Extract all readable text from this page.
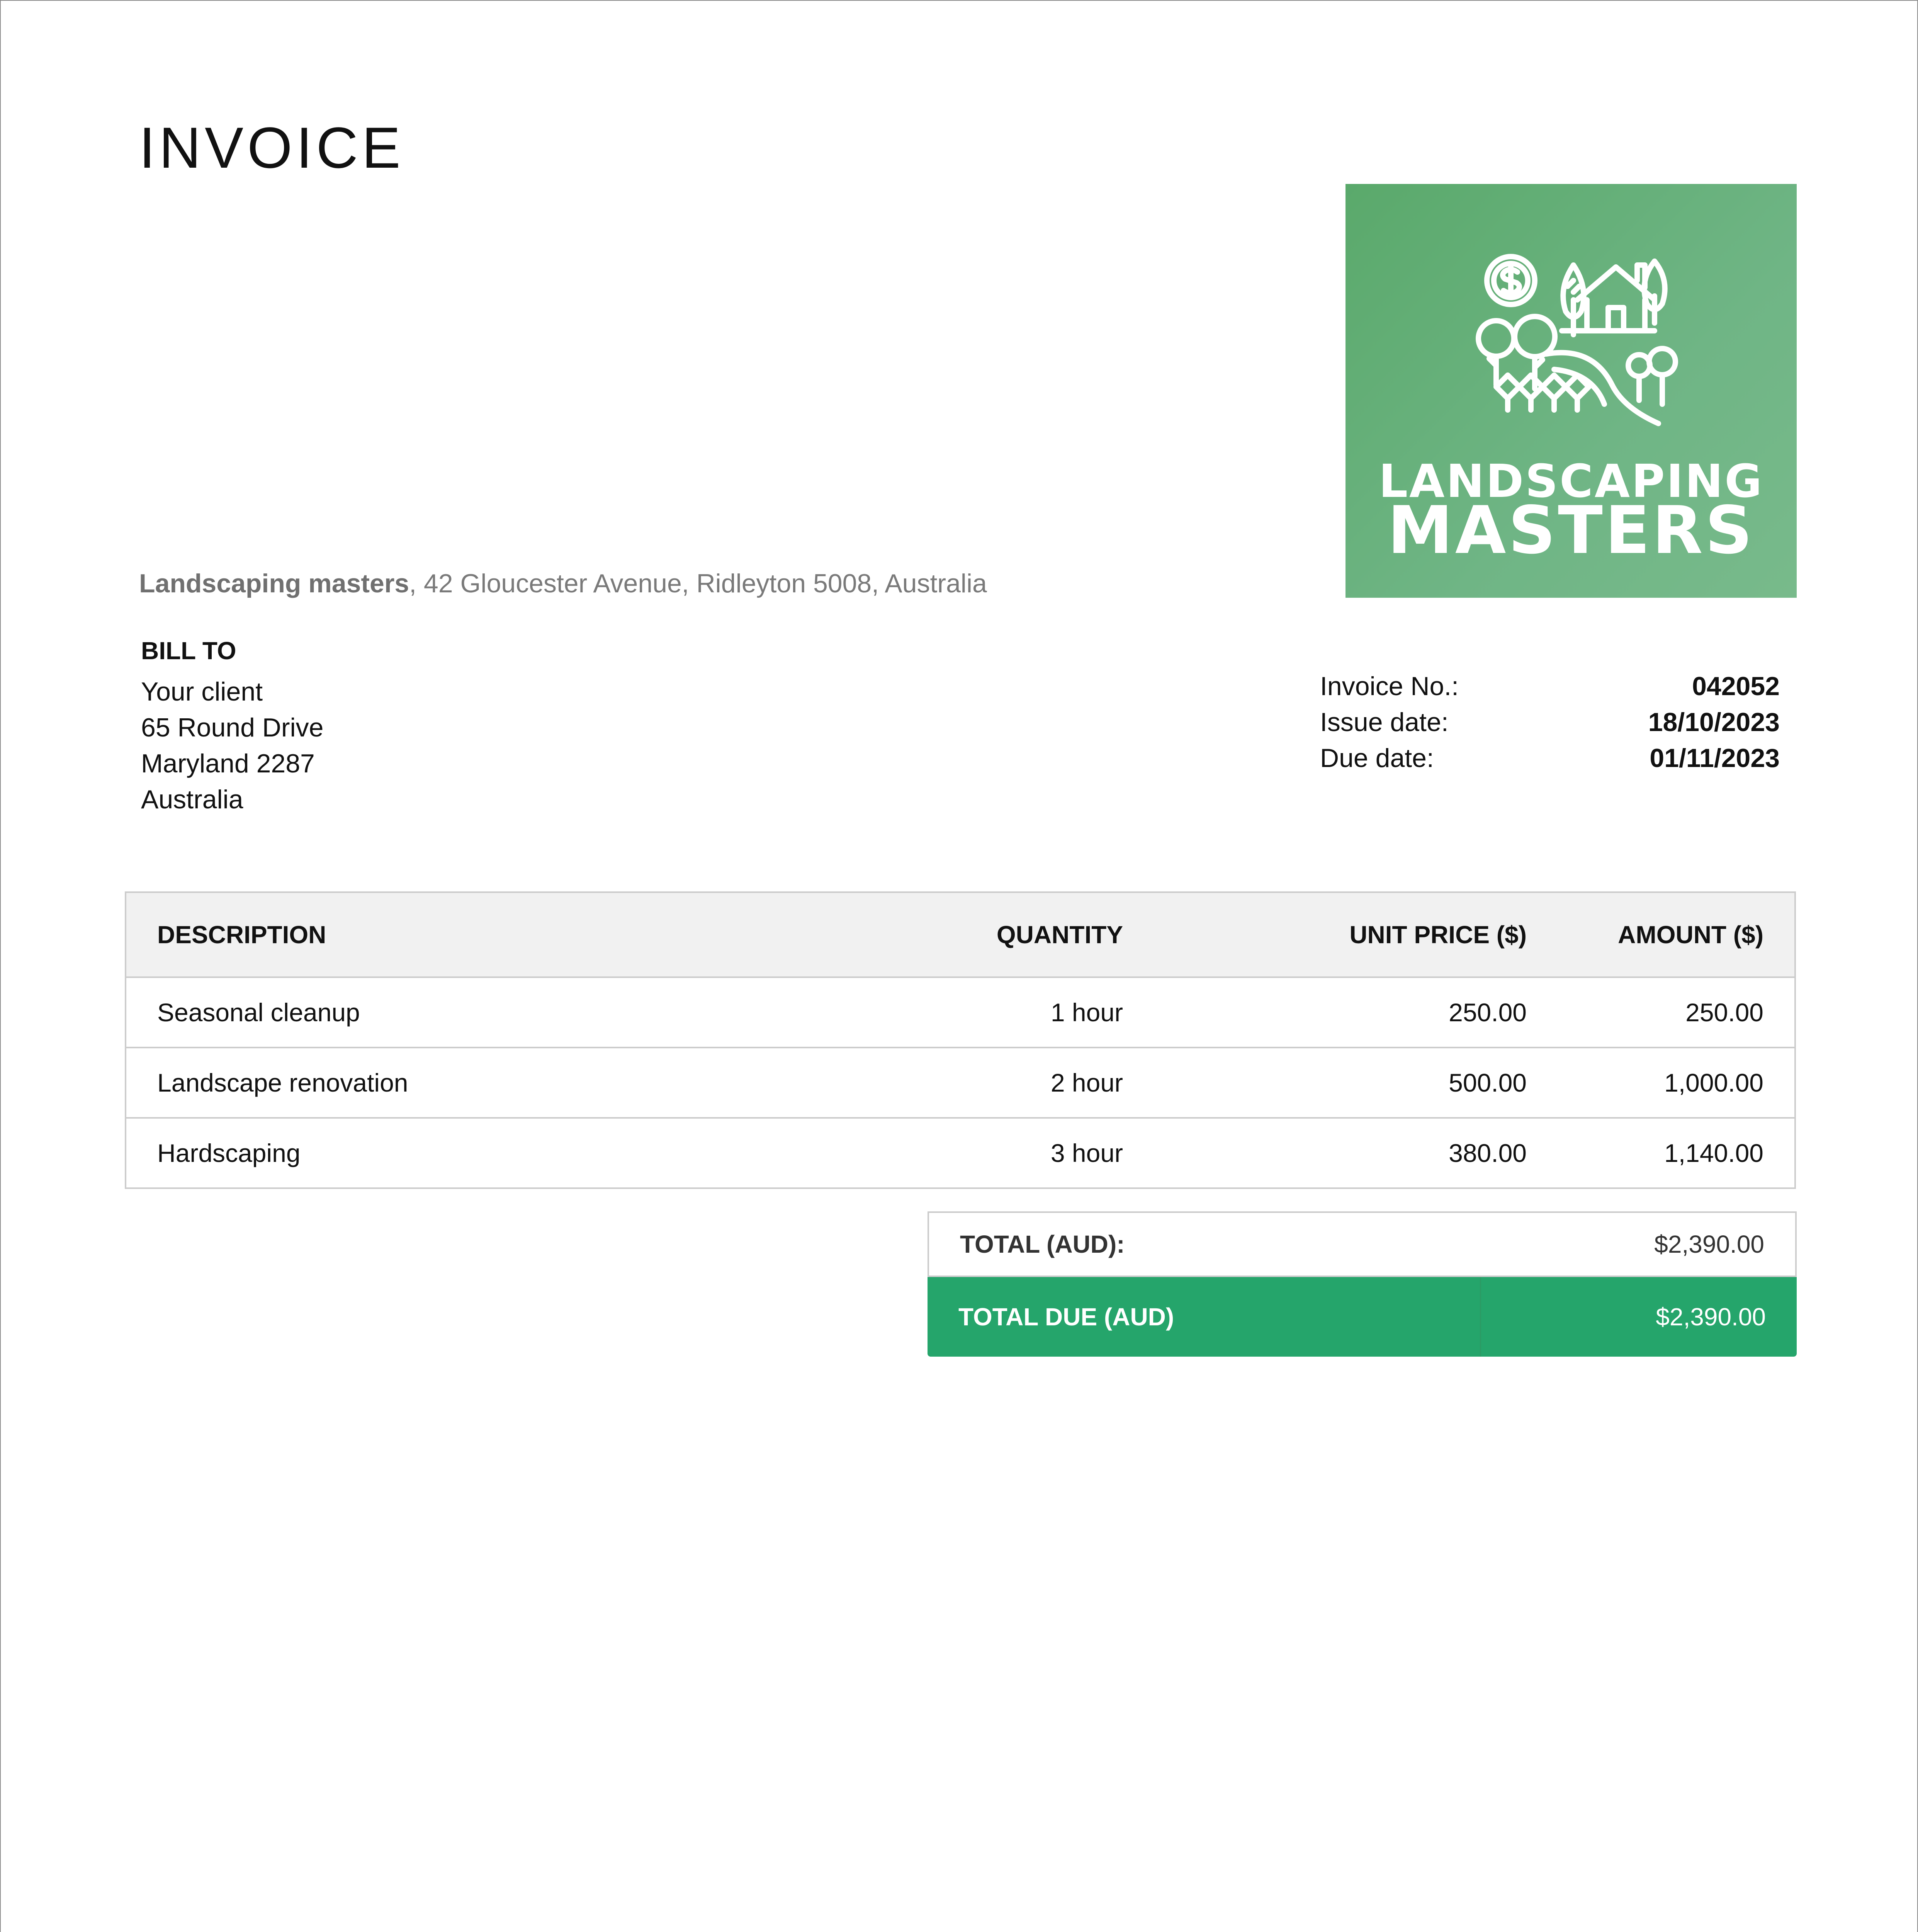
INVOICE
LANDSCAPING
MASTERS
Landscaping masters, 42 Gloucester Avenue, Ridleyton 5008, Australia
BILL TO
Your client
65 Round Drive
Maryland 2287
Australia
Invoice No.:	042052
Issue date:	18/10/2023
Due date:	01/11/2023
DESCRIPTION	QUANTITY	UNIT PRICE ($)	AMOUNT ($)
Seasonal cleanup	1 hour	250.00	250.00
Landscape renovation	2 hour	500.00	1,000.00
Hardscaping	3 hour	380.00	1,140.00
TOTAL (AUD):	$2,390.00
TOTAL DUE (AUD)	$2,390.00
